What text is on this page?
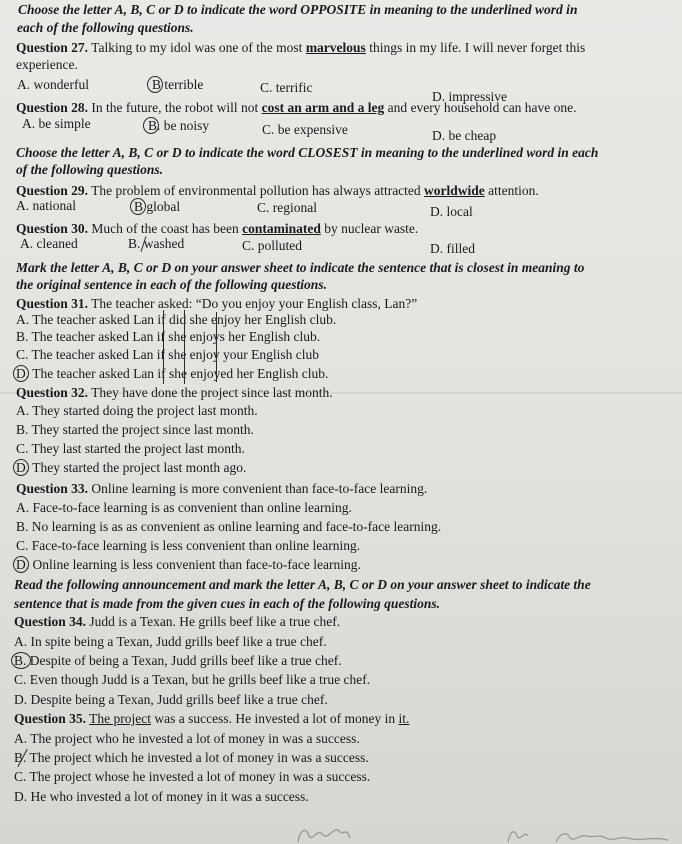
Choose the letter A, B, C or D to indicate the word OPPOSITE in meaning to the underlined word in
each of the following questions.
Question 27. Talking to my idol was one of the most marvelous things in my life. I will never forget this
experience.
A. wonderful	B terrible	C. terrific
D. impressive
Question 28. In the future, the robot will not cost an arm and a leg and every household can have one.
A. be simple	B. be noisy	C. be expensive	D. be cheap
Choose the letter A, B, C or D to indicate the word CLOSEST in meaning to the underlined word in each
of the following questions.
Question 29. The problem of environmental pollution has always attracted worldwide attention.
A. national	B global	C. regional	D. local
Question 30. Much of the coast has been contaminated by nuclear waste.
A. cleaned	B. washed	C. polluted	D. filled
Mark the letter A, B, C or D on your answer sheet to indicate the sentence that is closest in meaning to
the original sentence in each of the following questions.
Question 31. The teacher asked: “Do you enjoy your English class, Lan?”
A. The teacher asked Lan if did she enjoy her English club.
B. The teacher asked Lan if she enjoys her English club.
C. The teacher asked Lan if she enjoy your English club
D. The teacher asked Lan if she enjoyed her English club.
Question 32. They have done the project since last month.
A. They started doing the project last month.
B. They started the project since last month.
C. They last started the project last month.
D. They started the project last month ago.
Question 33. Online learning is more convenient than face-to-face learning.
A. Face-to-face learning is as convenient than online learning.
B. No learning is as as convenient as online learning and face-to-face learning.
C. Face-to-face learning is less convenient than online learning.
D. Online learning is less convenient than face-to-face learning.
Read the following announcement and mark the letter A, B, C or D on your answer sheet to indicate the
sentence that is made from the given cues in each of the following questions.
Question 34. Judd is a Texan. He grills beef like a true chef.
A. In spite being a Texan, Judd grills beef like a true chef.
B. Despite of being a Texan, Judd grills beef like a true chef.
C. Even though Judd is a Texan, but he grills beef like a true chef.
D. Despite being a Texan, Judd grills beef like a true chef.
Question 35. The project was a success. He invested a lot of money in it.
A. The project who he invested a lot of money in was a success.
B. The project which he invested a lot of money in was a success.
C. The project whose he invested a lot of money in was a success.
D. He who invested a lot of money in it was a success.
